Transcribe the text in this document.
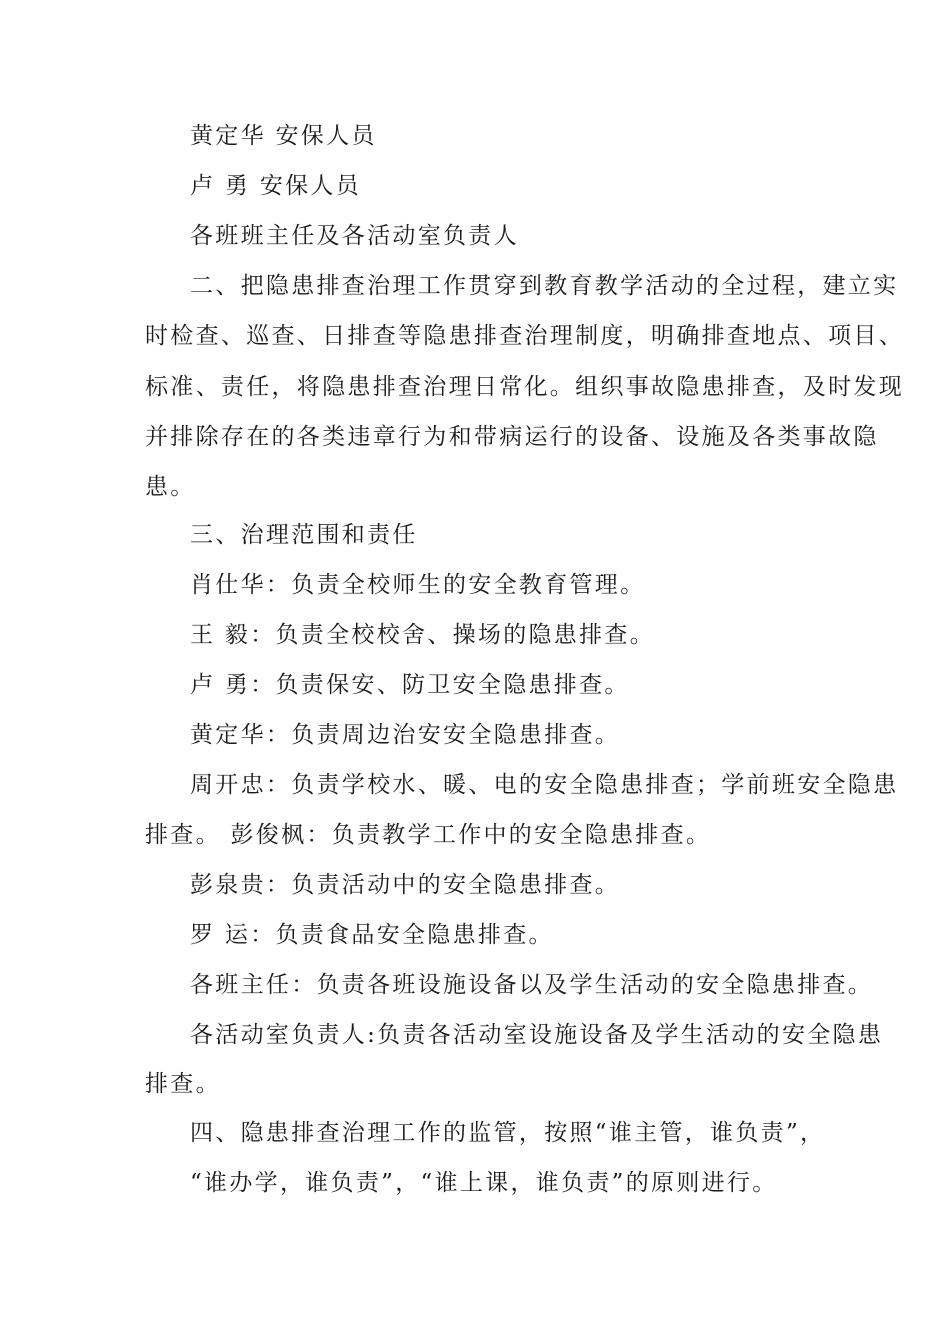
黄定华 安保人员
卢 勇 安保人员
各班班主任及各活动室负责人
二、把隐患排查治理工作贯穿到教育教学活动的全过程，建立实
时检查、巡查、日排查等隐患排查治理制度，明确排查地点、项目、
标准、责任，将隐患排查治理日常化。组织事故隐患排查，及时发现
并排除存在的各类违章行为和带病运行的设备、设施及各类事故隐
患。
三、治理范围和责任
肖仕华：负责全校师生的安全教育管理。
王 毅：负责全校校舍、操场的隐患排查。
卢 勇：负责保安、防卫安全隐患排查。
黄定华：负责周边治安安全隐患排查。
周开忠：负责学校水、暖、电的安全隐患排查；学前班安全隐患
排查。 彭俊枫：负责教学工作中的安全隐患排查。
彭泉贵：负责活动中的安全隐患排查。
罗 运：负责食品安全隐患排查。
各班主任：负责各班设施设备以及学生活动的安全隐患排查。
各活动室负责人:负责各活动室设施设备及学生活动的安全隐患
排查。
四、隐患排查治理工作的监管，按照“谁主管，谁负责”，
“谁办学，谁负责”，“谁上课，谁负责”的原则进行。
